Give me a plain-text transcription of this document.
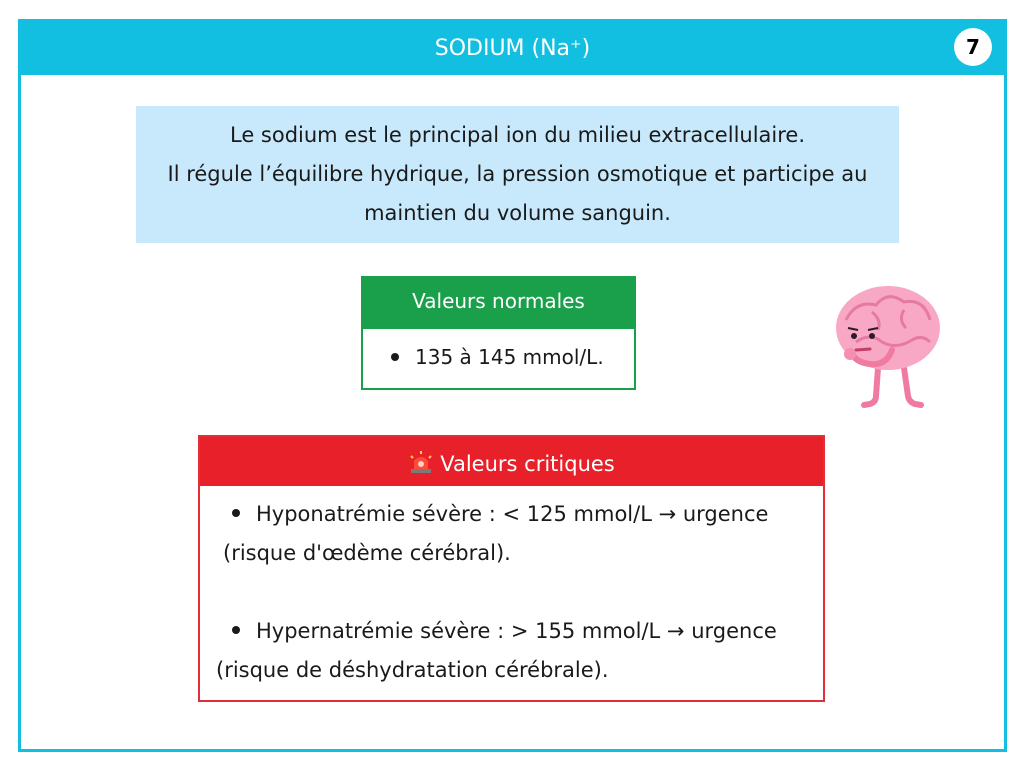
SODIUM (Na⁺)	7
Le sodium est le principal ion du milieu extracellulaire.
Il régule l’équilibre hydrique, la pression osmotique et participe au
maintien du volume sanguin.
Valeurs normales
135 à 145 mmol/L.
Valeurs critiques
Hyponatrémie sévère : < 125 mmol/L → urgence
(risque d'œdème cérébral).
Hypernatrémie sévère : > 155 mmol/L → urgence
(risque de déshydratation cérébrale).
